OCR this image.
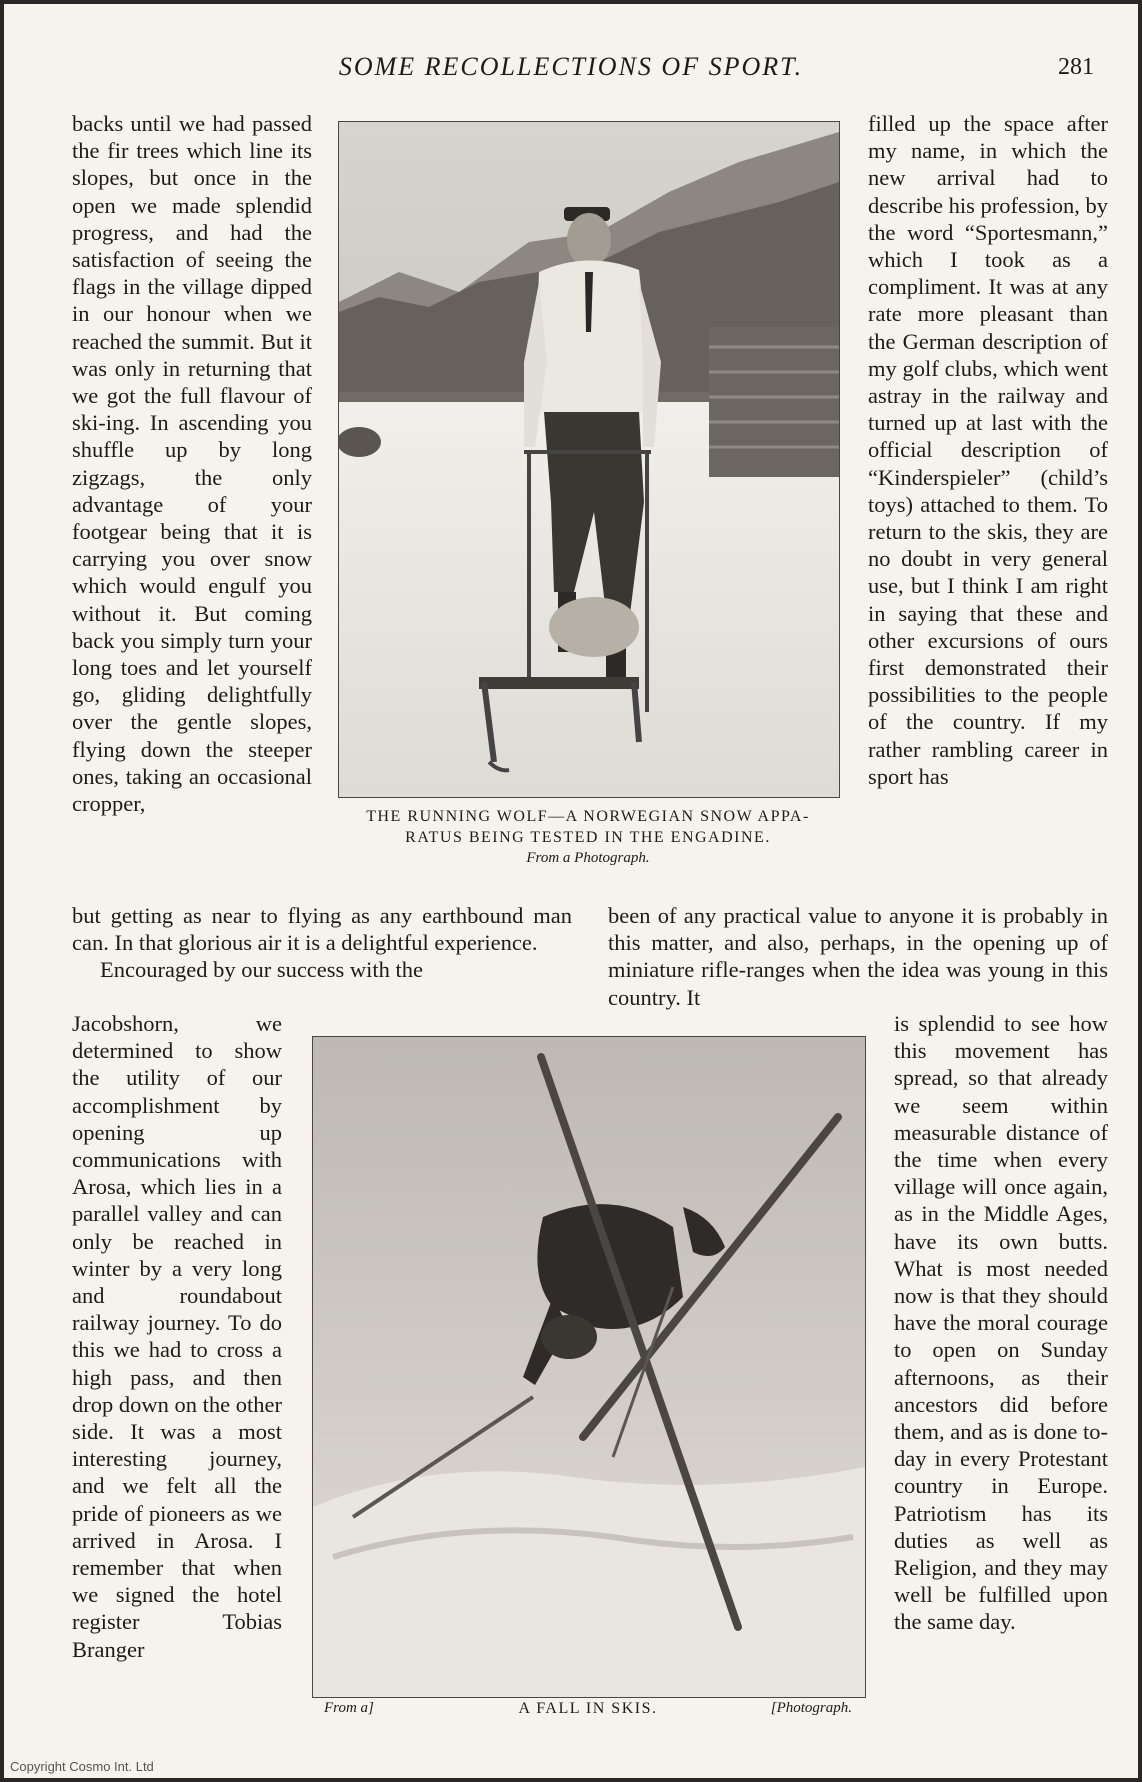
SOME RECOLLECTIONS OF SPORT.	281

backs until we had passed the fir trees which line its slopes, but once in the open we made splendid progress, and had the satisfaction of seeing the flags in the village dipped in our honour when we reached the summit. But it was only in returning that we got the full flavour of ski-ing. In ascending you shuffle up by long zigzags, the only advantage of your footgear being that it is carrying you over snow which would engulf you without it. But coming back you simply turn your long toes and let yourself go, gliding delightfully over the gentle slopes, flying down the steeper ones, taking an occasional cropper,

filled up the space after my name, in which the new arrival had to describe his profession, by the word “Sportesmann,” which I took as a compliment. It was at any rate more pleasant than the German description of my golf clubs, which went astray in the railway and turned up at last with the official description of “Kinderspieler” (child’s toys) attached to them. To return to the skis, they are no doubt in very general use, but I think I am right in saying that these and other excursions of ours first demonstrated their possibilities to the people of the country. If my rather rambling career in sport has

THE RUNNING WOLF—A NORWEGIAN SNOW APPA-
RATUS BEING TESTED IN THE ENGADINE.
From a Photograph.

but getting as near to flying as any earthbound man can. In that glorious air it is a delightful experience.

Encouraged by our success with the

been of any practical value to anyone it is probably in this matter, and also, perhaps, in the opening up of miniature rifle-ranges when the idea was young in this country. It

Jacobshorn, we determined to show the utility of our accomplishment by opening up communications with Arosa, which lies in a parallel valley and can only be reached in winter by a very long and roundabout railway journey. To do this we had to cross a high pass, and then drop down on the other side. It was a most interesting journey, and we felt all the pride of pioneers as we arrived in Arosa. I remember that when we signed the hotel register Tobias Branger

is splendid to see how this movement has spread, so that already we seem within measurable distance of the time when every village will once again, as in the Middle Ages, have its own butts. What is most needed now is that they should have the moral courage to open on Sunday afternoons, as their ancestors did before them, and as is done to-day in every Protestant country in Europe. Patriotism has its duties as well as Religion, and they may well be fulfilled upon the same day.

From a]	A FALL IN SKIS.	[Photograph.
Copyright Cosmo Int. Ltd
